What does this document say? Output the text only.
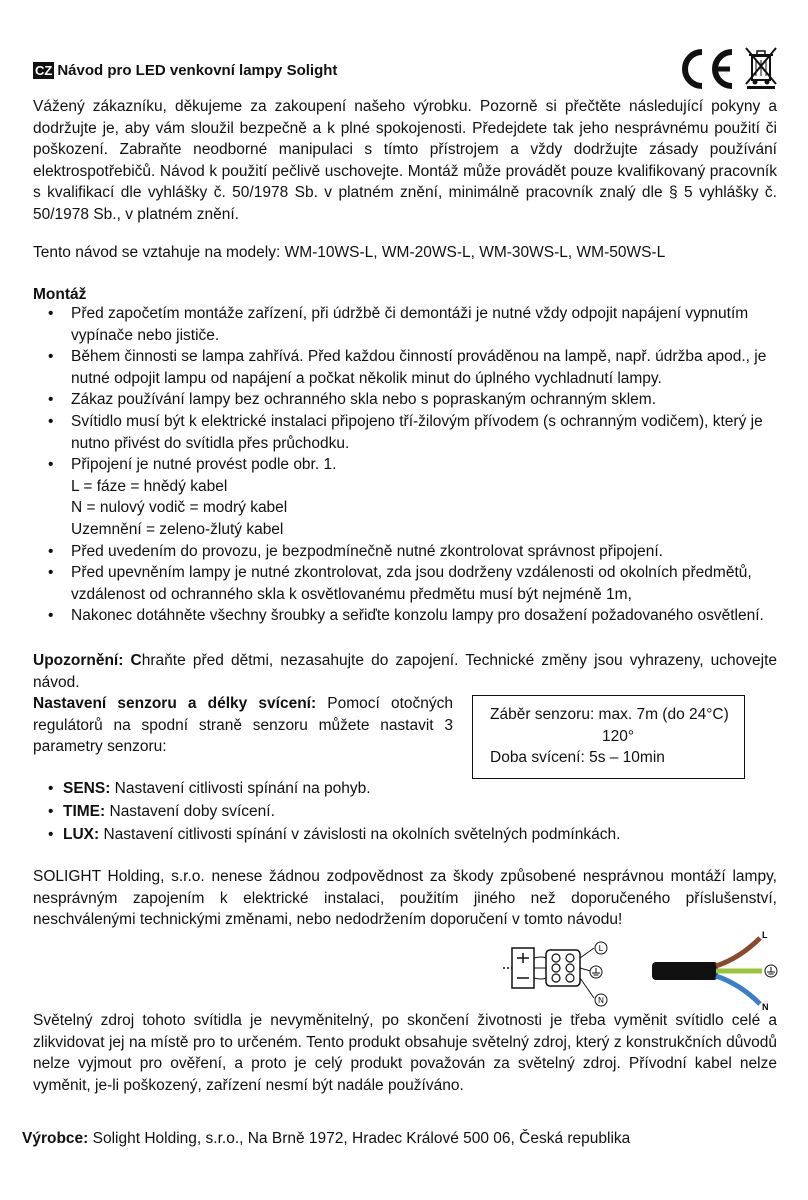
CZ Návod pro LED venkovní lampy Solight
Vážený zákazníku, děkujeme za zakoupení našeho výrobku. Pozorně si přečtěte následující pokyny a dodržujte je, aby vám sloužil bezpečně a k plné spokojenosti. Předejdete tak jeho nesprávnému použití či poškození. Zabraňte neodborné manipulaci s tímto přístrojem a vždy dodržujte zásady používání elektrospotřebičů. Návod k použití pečlivě uschovejte. Montáž může provádět pouze kvalifikovaný pracovník s kvalifikací dle vyhlášky č. 50/1978 Sb. v platném znění, minimálně pracovník znalý dle § 5 vyhlášky č. 50/1978 Sb., v platném znění.
Tento návod se vztahuje na modely: WM-10WS-L, WM-20WS-L, WM-30WS-L, WM-50WS-L
Montáž
• Před započetím montáže zařízení, při údržbě či demontáži je nutné vždy odpojit napájení vypnutím vypínače nebo jističe.
• Během činnosti se lampa zahřívá. Před každou činností prováděnou na lampě, např. údržba apod., je nutné odpojit lampu od napájení a počkat několik minut do úplného vychladnutí lampy.
• Zákaz používání lampy bez ochranného skla nebo s popraskaným ochranným sklem.
• Svítidlo musí být k elektrické instalaci připojeno tří-žilovým přívodem (s ochranným vodičem), který je nutno přivést do svítidla přes průchodku.
• Připojení je nutné provést podle obr. 1.
L = fáze = hnědý kabel
N = nulový vodič = modrý kabel
Uzemnění = zeleno-žlutý kabel
• Před uvedením do provozu, je bezpodmínečně nutné zkontrolovat správnost připojení.
• Před upevněním lampy je nutné zkontrolovat, zda jsou dodrženy vzdálenosti od okolních předmětů, vzdálenost od ochranného skla k osvětlovanému předmětu musí být nejméně 1m,
• Nakonec dotáhněte všechny šroubky a seřiďte konzolu lampy pro dosažení požadovaného osvětlení.
Upozornění: Chraňte před dětmi, nezasahujte do zapojení. Technické změny jsou vyhrazeny, uchovejte návod.
Nastavení senzoru a délky svícení: Pomocí otočných regulátorů na spodní straně senzoru můžete nastavit 3 parametry senzoru:
Záběr senzoru: max. 7m (do 24°C)
120°
Doba svícení: 5s – 10min
• SENS: Nastavení citlivosti spínání na pohyb.
• TIME: Nastavení doby svícení.
• LUX: Nastavení citlivosti spínání v závislosti na okolních světelných podmínkách.
SOLIGHT Holding, s.r.o. nenese žádnou zodpovědnost za škody způsobené nesprávnou montáží lampy, nesprávným zapojením k elektrické instalaci, použitím jiného než doporučeného příslušenství, neschválenými technickými změnami, nebo nedodržením doporučení v tomto návodu!
L
N
L
N
Světelný zdroj tohoto svítidla je nevyměnitelný, po skončení životnosti je třeba vyměnit svítidlo celé a zlikvidovat jej na místě pro to určeném. Tento produkt obsahuje světelný zdroj, který z konstrukčních důvodů nelze vyjmout pro ověření, a proto je celý produkt považován za světelný zdroj. Přívodní kabel nelze vyměnit, je-li poškozený, zařízení nesmí být nadále používáno.
Výrobce: Solight Holding, s.r.o., Na Brně 1972, Hradec Králové 500 06, Česká republika
